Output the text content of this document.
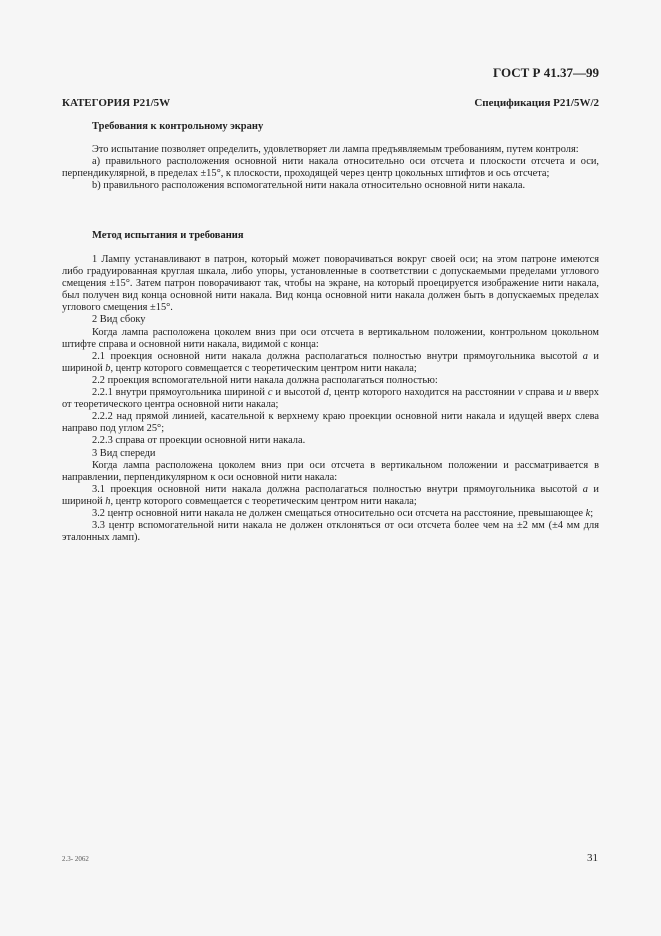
ГОСТ Р 41.37—99
КАТЕГОРИЯ P21/5W	Спецификация P21/5W/2
Требования к контрольному экрану

Это испытание позволяет определить, удовлетворяет ли лампа предъявляемым требованиям, путем контроля:

а) правильного расположения основной нити накала относительно оси отсчета и плоскости отсчета и оси, перпендикулярной, в пределах ±15°, к плоскости, проходящей через центр цокольных штифтов и ось отсчета;

b) правильного расположения вспомогательной нити накала относительно основной нити накала.

Метод испытания и требования

1 Лампу устанавливают в патрон, который может поворачиваться вокруг своей оси; на этом патроне имеются либо градуированная круглая шкала, либо упоры, установленные в соответствии с допускаемыми пределами углового смещения ±15°. Затем патрон поворачивают так, чтобы на экране, на который проецируется изображение нити накала, был получен вид конца основной нити накала. Вид конца основной нити накала должен быть в допускаемых пределах углового смещения ±15°.

2 Вид сбоку

Когда лампа расположена цоколем вниз при оси отсчета в вертикальном положении, контрольном цокольном штифте справа и основной нити накала, видимой с конца:

2.1 проекция основной нити накала должна располагаться полностью внутри прямоугольника высотой a и шириной b, центр которого совмещается с теоретическим центром нити накала;

2.2 проекция вспомогательной нити накала должна располагаться полностью:

2.2.1 внутри прямоугольника шириной c и высотой d, центр которого находится на расстоянии v справа и u вверх от теоретического центра основной нити накала;

2.2.2 над прямой линией, касательной к верхнему краю проекции основной нити накала и идущей вверх слева направо под углом 25°;

2.2.3 справа от проекции основной нити накала.

3 Вид спереди

Когда лампа расположена цоколем вниз при оси отсчета в вертикальном положении и рассматривается в направлении, перпендикулярном к оси основной нити накала:

3.1 проекция основной нити накала должна располагаться полностью внутри прямоугольника высотой a и шириной h, центр которого совмещается с теоретическим центром нити накала;

3.2 центр основной нити накала не должен смещаться относительно оси отсчета на расстояние, превышающее k;

3.3 центр вспомогательной нити накала не должен отклоняться от оси отсчета более чем на ±2 мм (±4 мм для эталонных ламп).

2.3- 2062	31
